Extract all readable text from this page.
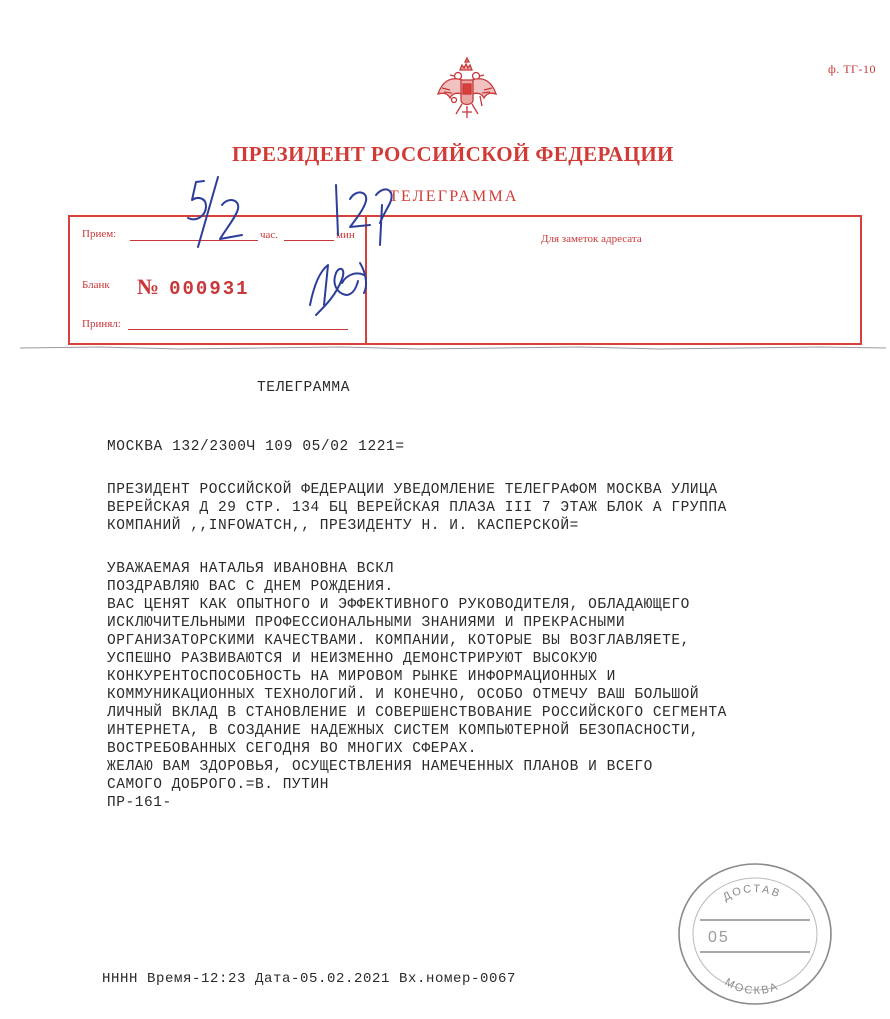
ф. ТГ-10
ПРЕЗИДЕНТ РОССИЙСКОЙ ФЕДЕРАЦИИ
ТЕЛЕГРАММА
Прием:	час.	мин
Бланк № 000931
Принял:
Для заметок адресата
ТЕЛЕГРАММА
МОСКВА 132/2300Ч 109 05/02 1221=
ПРЕЗИДЕНТ РОССИЙСКОЙ ФЕДЕРАЦИИ УВЕДОМЛЕНИЕ ТЕЛЕГРАФОМ МОСКВА УЛИЦА
ВЕРЕЙСКАЯ Д 29 СТР. 134 БЦ ВЕРЕЙСКАЯ ПЛАЗА III 7 ЭТАЖ БЛОК А ГРУППА
КОМПАНИЙ ,,INFOWATCH,, ПРЕЗИДЕНТУ Н. И. КАСПЕРСКОЙ=
УВАЖАЕМАЯ НАТАЛЬЯ ИВАНОВНА ВСКЛ
ПОЗДРАВЛЯЮ ВАС С ДНЕМ РОЖДЕНИЯ.
ВАС ЦЕНЯТ КАК ОПЫТНОГО И ЭФФЕКТИВНОГО РУКОВОДИТЕЛЯ, ОБЛАДАЮЩЕГО
ИСКЛЮЧИТЕЛЬНЫМИ ПРОФЕССИОНАЛЬНЫМИ ЗНАНИЯМИ И ПРЕКРАСНЫМИ
ОРГАНИЗАТОРСКИМИ КАЧЕСТВАМИ. КОМПАНИИ, КОТОРЫЕ ВЫ ВОЗГЛАВЛЯЕТЕ,
УСПЕШНО РАЗВИВАЮТСЯ И НЕИЗМЕННО ДЕМОНСТРИРУЮТ ВЫСОКУЮ
КОНКУРЕНТОСПОСОБНОСТЬ НА МИРОВОМ РЫНКЕ ИНФОРМАЦИОННЫХ И
КОММУНИКАЦИОННЫХ ТЕХНОЛОГИЙ. И КОНЕЧНО, ОСОБО ОТМЕЧУ ВАШ БОЛЬШОЙ
ЛИЧНЫЙ ВКЛАД В СТАНОВЛЕНИЕ И СОВЕРШЕНСТВОВАНИЕ РОССИЙСКОГО СЕГМЕНТА
ИНТЕРНЕТА, В СОЗДАНИЕ НАДЕЖНЫХ СИСТЕМ КОМПЬЮТЕРНОЙ БЕЗОПАСНОСТИ,
ВОСТРЕБОВАННЫХ СЕГОДНЯ ВО МНОГИХ СФЕРАХ.
ЖЕЛАЮ ВАМ ЗДОРОВЬЯ, ОСУЩЕСТВЛЕНИЯ НАМЕЧЕННЫХ ПЛАНОВ И ВСЕГО
САМОГО ДОБРОГО.=В. ПУТИН
ПР-161-
НННН Время-12:23 Дата-05.02.2021 Вх.номер-0067
ДОСТАВ
05
МОСКВА
